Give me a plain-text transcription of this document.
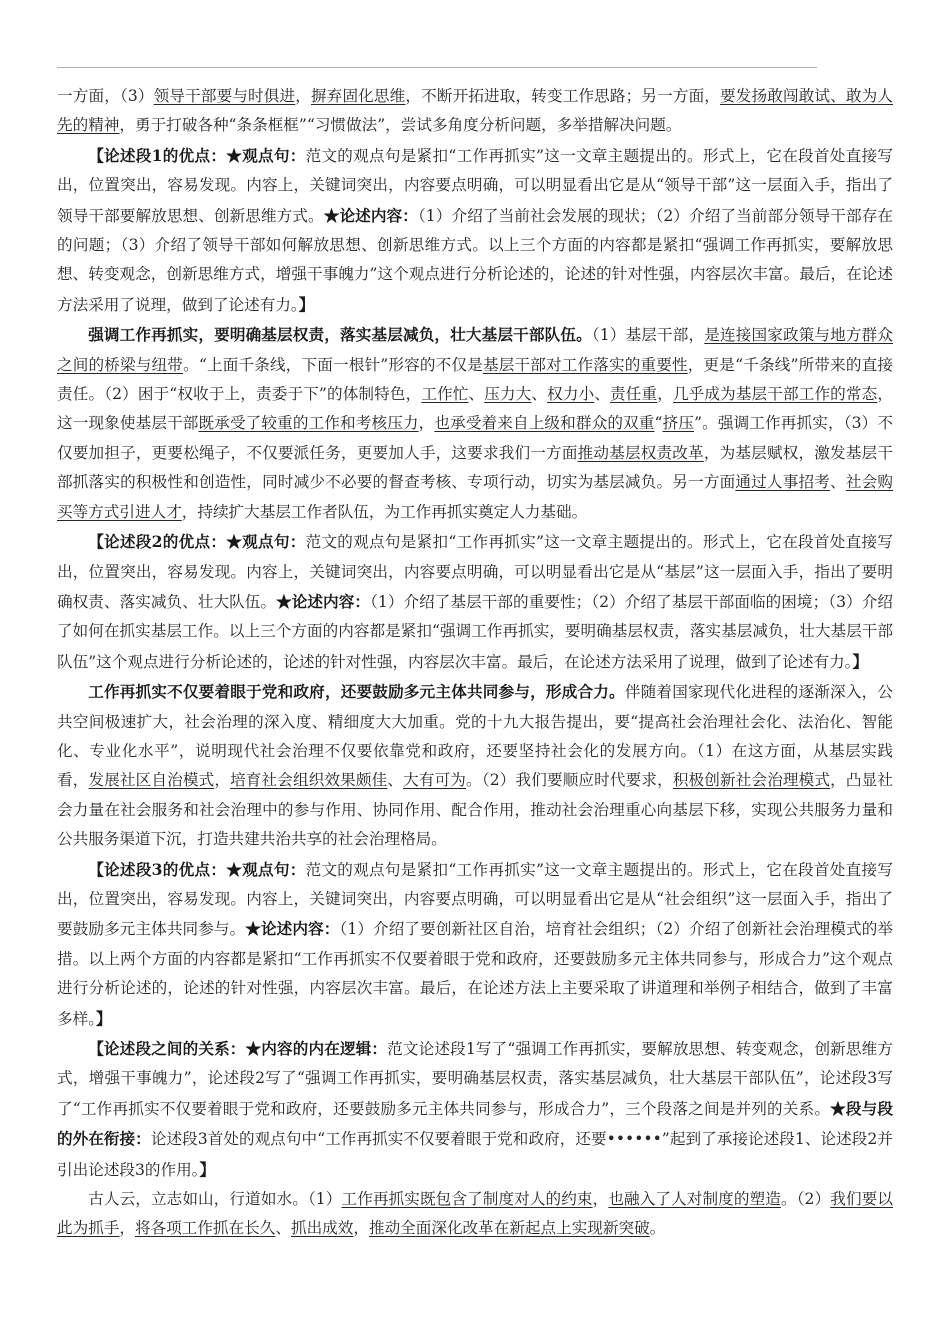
一方面，（3）领导干部要与时俱进，摒弃固化思维，不断开拓进取，转变工作思路；另一方面，要发扬敢闯敢试、敢为人先的精神，勇于打破各种“条条框框”“习惯做法”，尝试多角度分析问题，多举措解决问题。

【论述段1的优点：★观点句：范文的观点句是紧扣“工作再抓实”这一文章主题提出的。形式上，它在段首处直接写出，位置突出，容易发现。内容上，关键词突出，内容要点明确，可以明显看出它是从“领导干部”这一层面入手，指出了领导干部要解放思想、创新思维方式。★论述内容：（1）介绍了当前社会发展的现状；（2）介绍了当前部分领导干部存在的问题；（3）介绍了领导干部如何解放思想、创新思维方式。以上三个方面的内容都是紧扣“强调工作再抓实，要解放思想、转变观念，创新思维方式，增强干事魄力”这个观点进行分析论述的，论述的针对性强，内容层次丰富。最后，在论述方法采用了说理，做到了论述有力。】

强调工作再抓实，要明确基层权责，落实基层减负，壮大基层干部队伍。（1）基层干部，是连接国家政策与地方群众之间的桥梁与纽带。“上面千条线，下面一根针”形容的不仅是基层干部对工作落实的重要性，更是“千条线”所带来的直接责任。（2）困于“权收于上，责委于下”的体制特色，工作忙、压力大、权力小、责任重，几乎成为基层干部工作的常态，这一现象使基层干部既承受了较重的工作和考核压力，也承受着来自上级和群众的双重“挤压”。强调工作再抓实，（3）不仅要加担子，更要松绳子，不仅要派任务，更要加人手，这要求我们一方面推动基层权责改革，为基层赋权，激发基层干部抓落实的积极性和创造性，同时减少不必要的督查考核、专项行动，切实为基层减负。另一方面通过人事招考、社会购买等方式引进人才，持续扩大基层工作者队伍，为工作再抓实奠定人力基础。

【论述段2的优点：★观点句：范文的观点句是紧扣“工作再抓实”这一文章主题提出的。形式上，它在段首处直接写出，位置突出，容易发现。内容上，关键词突出，内容要点明确，可以明显看出它是从“基层”这一层面入手，指出了要明确权责、落实减负、壮大队伍。★论述内容：（1）介绍了基层干部的重要性；（2）介绍了基层干部面临的困境；（3）介绍了如何在抓实基层工作。以上三个方面的内容都是紧扣“强调工作再抓实，要明确基层权责，落实基层减负，壮大基层干部队伍”这个观点进行分析论述的，论述的针对性强，内容层次丰富。最后，在论述方法采用了说理，做到了论述有力。】

工作再抓实不仅要着眼于党和政府，还要鼓励多元主体共同参与，形成合力。伴随着国家现代化进程的逐渐深入，公共空间极速扩大，社会治理的深入度、精细度大大加重。党的十九大报告提出，要“提高社会治理社会化、法治化、智能化、专业化水平”，说明现代社会治理不仅要依靠党和政府，还要坚持社会化的发展方向。（1）在这方面，从基层实践看，发展社区自治模式，培育社会组织效果颇佳、大有可为。（2）我们要顺应时代要求，积极创新社会治理模式，凸显社会力量在社会服务和社会治理中的参与作用、协同作用、配合作用，推动社会治理重心向基层下移，实现公共服务力量和公共服务渠道下沉，打造共建共治共享的社会治理格局。

【论述段3的优点：★观点句：范文的观点句是紧扣“工作再抓实”这一文章主题提出的。形式上，它在段首处直接写出，位置突出，容易发现。内容上，关键词突出，内容要点明确，可以明显看出它是从“社会组织”这一层面入手，指出了要鼓励多元主体共同参与。★论述内容：（1）介绍了要创新社区自治，培育社会组织；（2）介绍了创新社会治理模式的举措。以上两个方面的内容都是紧扣“工作再抓实不仅要着眼于党和政府，还要鼓励多元主体共同参与，形成合力”这个观点进行分析论述的，论述的针对性强，内容层次丰富。最后，在论述方法上主要采取了讲道理和举例子相结合，做到了丰富多样。】

【论述段之间的关系：★内容的内在逻辑：范文论述段1写了“强调工作再抓实，要解放思想、转变观念，创新思维方式，增强干事魄力”，论述段2写了“强调工作再抓实，要明确基层权责，落实基层减负，壮大基层干部队伍”，论述段3写了“工作再抓实不仅要着眼于党和政府，还要鼓励多元主体共同参与，形成合力”，三个段落之间是并列的关系。★段与段的外在衔接：论述段3首处的观点句中“工作再抓实不仅要着眼于党和政府，还要••••••”起到了承接论述段1、论述段2并引出论述段3的作用。】

古人云，立志如山，行道如水。（1）工作再抓实既包含了制度对人的约束，也融入了人对制度的塑造。（2）我们要以此为抓手，将各项工作抓在长久、抓出成效，推动全面深化改革在新起点上实现新突破。
